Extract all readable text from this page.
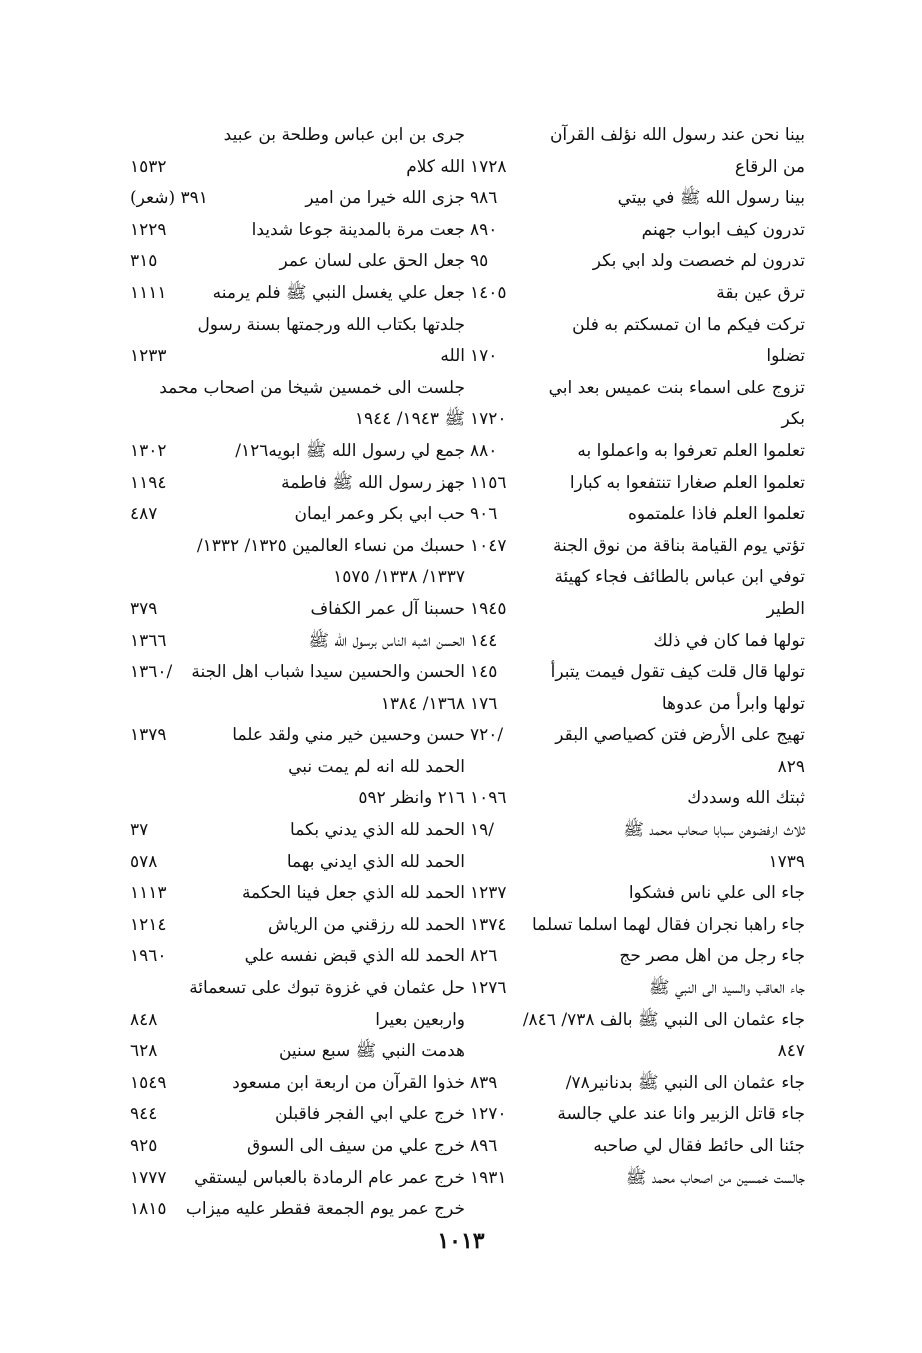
بينا نحن عند رسول الله نؤلف القرآن
من الرقاع
١٧٢٨
بينا رسول الله ﷺ في بيتي
٩٨٦
تدرون كيف ابواب جهنم
٨٩٠
تدرون لم خصصت ولد ابي بكر
٩٥
ترق عين بقة
١٤٠٥
تركت فيكم ما ان تمسكتم به فلن
تضلوا
١٧٠
تزوج على اسماء بنت عميس بعد ابي
بكر
١٧٢٠
تعلموا العلم تعرفوا به واعملوا به
٨٨٠
تعلموا العلم صغارا تنتفعوا به كبارا
١١٥٦
تعلموا العلم فاذا علمتموه
٩٠٦
تؤتي يوم القيامة بناقة من نوق الجنة
١٠٤٧
توفي ابن عباس بالطائف فجاء كهيئة
الطير
١٩٤٥
تولها فما كان في ذلك
١٤٤
تولها قال قلت كيف تقول فيمت يتبرأ
١٤٥
تولها وابرأ من عدوها
١٧٦
تهيج على الأرض فتن كصياصي البقر
٧٢٠/
٨٢٩
ثبتك الله وسددك
١٠٩٦
ثلاث ارفضوهن سبابا صحاب محمد ﷺ
١٩/
١٧٣٩
جاء الى علي ناس فشكوا
١٢٣٧
جاء راهبا نجران فقال لهما اسلما تسلما
١٣٧٤
جاء رجل من اهل مصر حج
٨٢٦
جاء العاقب والسيد الى النبي ﷺ
١٢٧٦
جاء عثمان الى النبي ﷺ بالف ٧٣٨/ ٨٤٦/
٨٤٧
جاء عثمان الى النبي ﷺ بدنانير٧٨/
٨٣٩
جاء قاتل الزبير وانا عند علي جالسة
١٢٧٠
جئنا الى حائط فقال لي صاحبه
٨٩٦
جالست خمسين من اصحاب محمد ﷺ
١٩٣١
جرى بن ابن عباس وطلحة بن عبيد
الله كلام
١٥٣٢
جزى الله خيرا من امير
٣٩١ (شعر)
جعت مرة بالمدينة جوعا شديدا
١٢٢٩
جعل الحق على لسان عمر
٣١٥
جعل علي يغسل النبي ﷺ فلم يرمنه
١١١١
جلدتها بكتاب الله ورجمتها بسنة رسول
الله
١٢٣٣
جلست الى خمسين شيخا من اصحاب محمد
ﷺ ١٩٤٣/ ١٩٤٤
جمع لي رسول الله ﷺ ابويه١٢٦/
١٣٠٢
جهز رسول الله ﷺ فاطمة
١١٩٤
حب ابي بكر وعمر ايمان
٤٨٧
حسبك من نساء العالمين ١٣٢٥/ ١٣٣٢/
١٣٣٧/ ١٣٣٨/ ١٥٧٥
حسبنا آل عمر الكفاف
٣٧٩
الحسن اشبه الناس برسول الله ﷺ
١٣٦٦
الحسن والحسين سيدا شباب اهل الجنة
١٣٦٠/
١٣٦٨/ ١٣٨٤
حسن وحسين خير مني ولقد علما
١٣٧٩
الحمد لله انه لم يمت نبي
٢١٦ وانظر ٥٩٢
الحمد لله الذي يدني بكما
٣٧
الحمد لله الذي ايدني بهما
٥٧٨
الحمد لله الذي جعل فينا الحكمة
١١١٣
الحمد لله رزقني من الرياش
١٢١٤
الحمد لله الذي قبض نفسه علي
١٩٦٠
حل عثمان في غزوة تبوك على تسعمائة
واربعين بعيرا
٨٤٨
هدمت النبي ﷺ سبع سنين
٦٢٨
خذوا القرآن من اربعة ابن مسعود
١٥٤٩
خرج علي ابي الفجر فاقبلن
٩٤٤
خرج علي من سيف الى السوق
٩٢٥
خرج عمر عام الرمادة بالعباس ليستقي
١٧٧٧
خرج عمر يوم الجمعة فقطر عليه ميزاب
١٨١٥
١٠١٣
